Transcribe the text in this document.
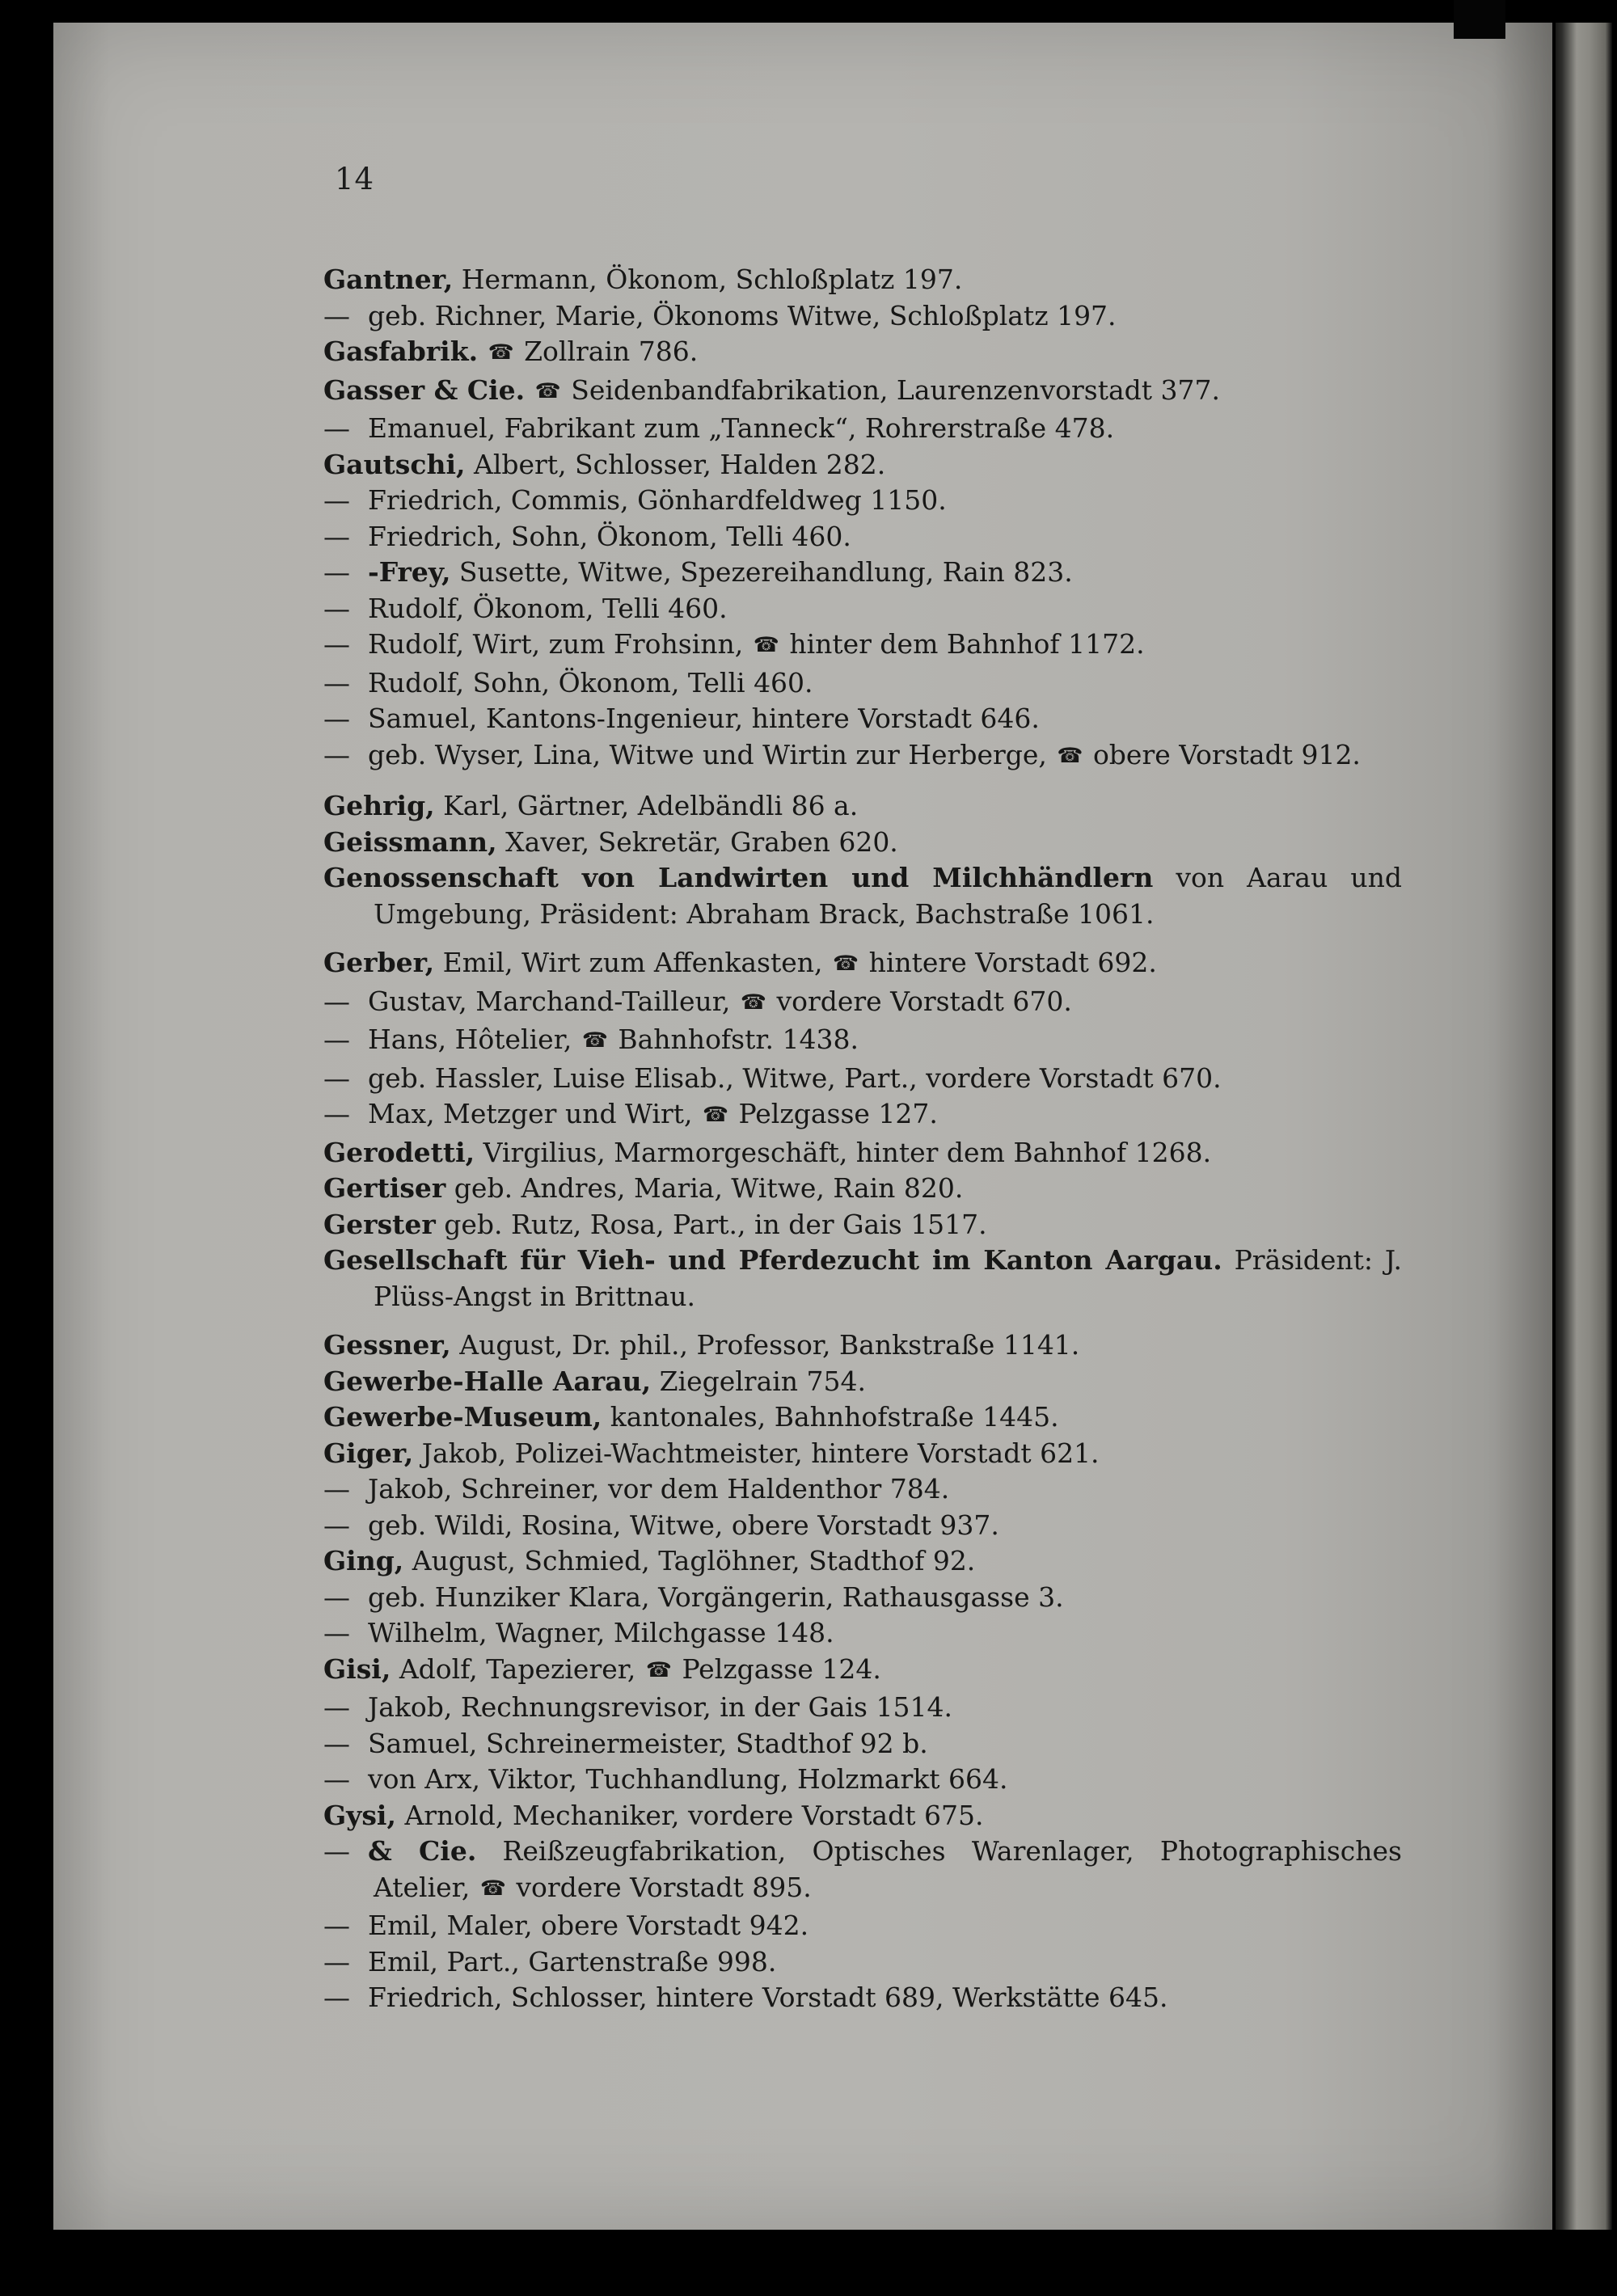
14
Gantner, Hermann, Ökonom, Schloßplatz 197.
— geb. Richner, Marie, Ökonoms Witwe, Schloßplatz 197.
Gasfabrik. ☎ Zollrain 786.
Gasser & Cie. ☎ Seidenbandfabrikation, Laurenzenvorstadt 377.
— Emanuel, Fabrikant zum „Tanneck“, Rohrerstraße 478.
Gautschi, Albert, Schlosser, Halden 282.
— Friedrich, Commis, Gönhardfeldweg 1150.
— Friedrich, Sohn, Ökonom, Telli 460.
— -Frey, Susette, Witwe, Spezereihandlung, Rain 823.
— Rudolf, Ökonom, Telli 460.
— Rudolf, Wirt, zum Frohsinn, ☎ hinter dem Bahnhof 1172.
— Rudolf, Sohn, Ökonom, Telli 460.
— Samuel, Kantons-Ingenieur, hintere Vorstadt 646.
— geb. Wyser, Lina, Witwe und Wirtin zur Herberge, ☎ obere Vorstadt 912.
Gehrig, Karl, Gärtner, Adelbändli 86 a.
Geissmann, Xaver, Sekretär, Graben 620.
Genossenschaft von Landwirten und Milchhändlern von Aarau und Umgebung, Präsident: Abraham Brack, Bachstraße 1061.
Gerber, Emil, Wirt zum Affenkasten, ☎ hintere Vorstadt 692.
— Gustav, Marchand-Tailleur, ☎ vordere Vorstadt 670.
— Hans, Hôtelier, ☎ Bahnhofstr. 1438.
— geb. Hassler, Luise Elisab., Witwe, Part., vordere Vorstadt 670.
— Max, Metzger und Wirt, ☎ Pelzgasse 127.
Gerodetti, Virgilius, Marmorgeschäft, hinter dem Bahnhof 1268.
Gertiser geb. Andres, Maria, Witwe, Rain 820.
Gerster geb. Rutz, Rosa, Part., in der Gais 1517.
Gesellschaft für Vieh- und Pferdezucht im Kanton Aargau. Präsident: J. Plüss-Angst in Brittnau.
Gessner, August, Dr. phil., Professor, Bankstraße 1141.
Gewerbe-Halle Aarau, Ziegelrain 754.
Gewerbe-Museum, kantonales, Bahnhofstraße 1445.
Giger, Jakob, Polizei-Wachtmeister, hintere Vorstadt 621.
— Jakob, Schreiner, vor dem Haldenthor 784.
— geb. Wildi, Rosina, Witwe, obere Vorstadt 937.
Ging, August, Schmied, Taglöhner, Stadthof 92.
— geb. Hunziker Klara, Vorgängerin, Rathausgasse 3.
— Wilhelm, Wagner, Milchgasse 148.
Gisi, Adolf, Tapezierer, ☎ Pelzgasse 124.
— Jakob, Rechnungsrevisor, in der Gais 1514.
— Samuel, Schreinermeister, Stadthof 92 b.
— von Arx, Viktor, Tuchhandlung, Holzmarkt 664.
Gysi, Arnold, Mechaniker, vordere Vorstadt 675.
— & Cie. Reißzeugfabrikation, Optisches Warenlager, Photographisches Atelier, ☎ vordere Vorstadt 895.
— Emil, Maler, obere Vorstadt 942.
— Emil, Part., Gartenstraße 998.
— Friedrich, Schlosser, hintere Vorstadt 689, Werkstätte 645.
